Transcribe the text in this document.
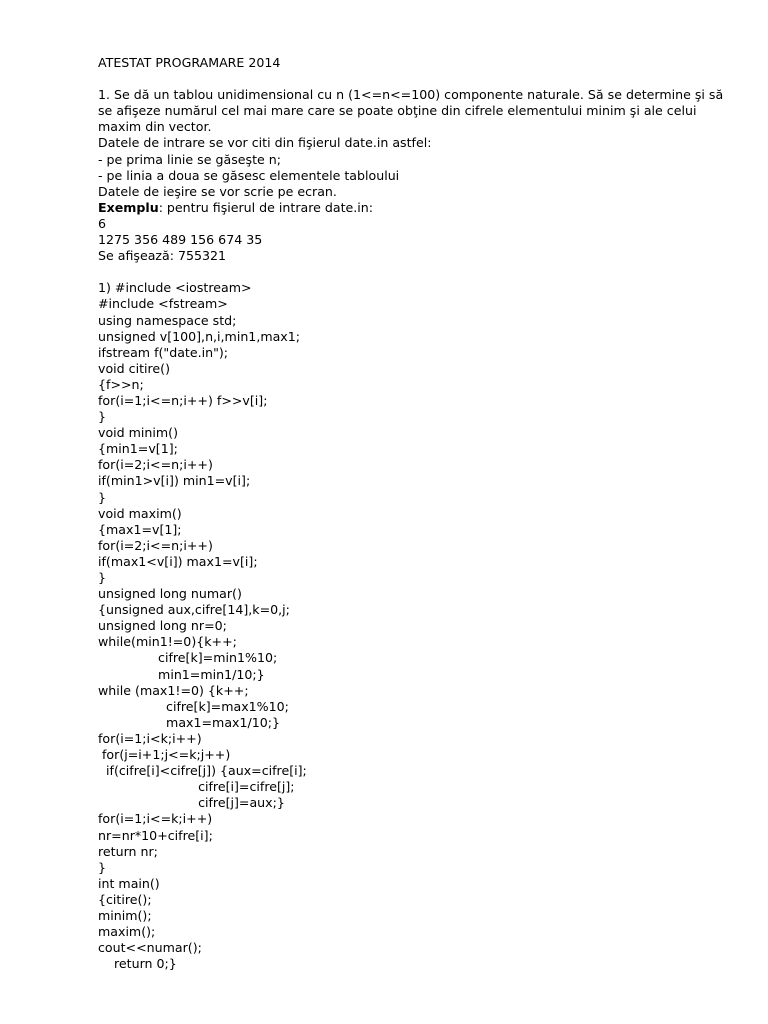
ATESTAT PROGRAMARE 2014
1. Se dă un tablou unidimensional cu n (1<=n<=100) componente naturale. Să se determine şi să se afişeze numărul cel mai mare care se poate obţine din cifrele elementului minim şi ale celui maxim din vector.
Datele de intrare se vor citi din fişierul date.in astfel:
- pe prima linie se găseşte n;
- pe linia a doua se găsesc elementele tabloului
Datele de ieşire se vor scrie pe ecran.
Exemplu: pentru fişierul de intrare date.in:
6
1275 356 489 156 674 35
Se afişează: 755321
1) #include <iostream>
#include <fstream>
using namespace std;
unsigned v[100],n,i,min1,max1;
ifstream f("date.in");
void citire()
{f>>n;
for(i=1;i<=n;i++) f>>v[i];
}
void minim()
{min1=v[1];
for(i=2;i<=n;i++)
if(min1>v[i]) min1=v[i];
}
void maxim()
{max1=v[1];
for(i=2;i<=n;i++)
if(max1<v[i]) max1=v[i];
}
unsigned long numar()
{unsigned aux,cifre[14],k=0,j;
unsigned long nr=0;
while(min1!=0){k++;
cifre[k]=min1%10;
min1=min1/10;}
while (max1!=0) {k++;
cifre[k]=max1%10;
max1=max1/10;}
for(i=1;i<k;i++)
for(j=i+1;j<=k;j++)
if(cifre[i]<cifre[j]) {aux=cifre[i];
cifre[i]=cifre[j];
cifre[j]=aux;}
for(i=1;i<=k;i++)
nr=nr*10+cifre[i];
return nr;
}
int main()
{citire();
minim();
maxim();
cout<<numar();
return 0;}
